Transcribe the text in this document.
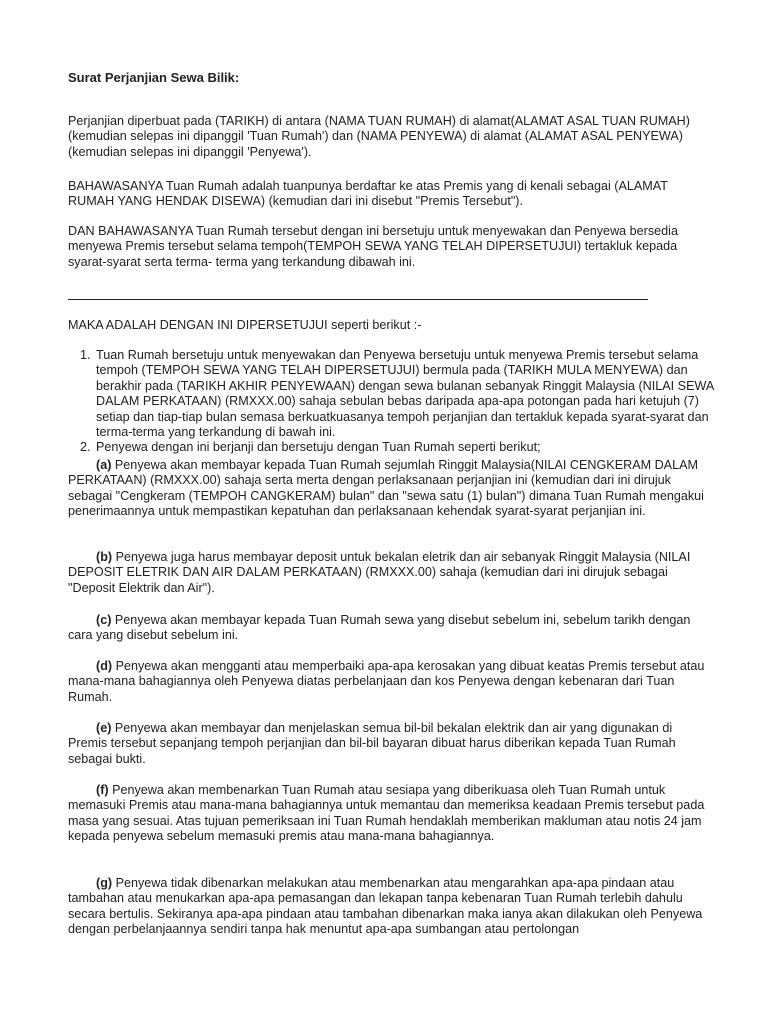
Surat Perjanjian Sewa Bilik:

Perjanjian diperbuat pada (TARIKH) di antara (NAMA TUAN RUMAH) di alamat(ALAMAT ASAL TUAN RUMAH) (kemudian selepas ini dipanggil 'Tuan Rumah') dan (NAMA PENYEWA) di alamat (ALAMAT ASAL PENYEWA) (kemudian selepas ini dipanggil 'Penyewa').

BAHAWASANYA Tuan Rumah adalah tuanpunya berdaftar ke atas Premis yang di kenali sebagai (ALAMAT RUMAH YANG HENDAK DISEWA) (kemudian dari ini disebut "Premis Tersebut").

DAN BAHAWASANYA Tuan Rumah tersebut dengan ini bersetuju untuk menyewakan dan Penyewa bersedia menyewa Premis tersebut selama tempoh(TEMPOH SEWA YANG TELAH DIPERSETUJUI) tertakluk kepada syarat-syarat serta terma- terma yang terkandung dibawah ini.

MAKA ADALAH DENGAN INI DIPERSETUJUI seperti berikut :-

1. Tuan Rumah bersetuju untuk menyewakan dan Penyewa bersetuju untuk menyewa Premis tersebut selama tempoh (TEMPOH SEWA YANG TELAH DIPERSETUJUI) bermula pada (TARIKH MULA MENYEWA) dan berakhir pada (TARIKH AKHIR PENYEWAAN) dengan sewa bulanan sebanyak Ringgit Malaysia (NILAI SEWA DALAM PERKATAAN) (RMXXX.00) sahaja sebulan bebas daripada apa-apa potongan pada hari ketujuh (7) setiap dan tiap-tiap bulan semasa berkuatkuasanya tempoh perjanjian dan tertakluk kepada syarat-syarat dan terma-terma yang terkandung di bawah ini.
2. Penyewa dengan ini berjanji dan bersetuju dengan Tuan Rumah seperti berikut;

(a) Penyewa akan membayar kepada Tuan Rumah sejumlah Ringgit Malaysia(NILAI CENGKERAM DALAM PERKATAAN) (RMXXX.00) sahaja serta merta dengan perlaksanaan perjanjian ini (kemudian dari ini dirujuk sebagai "Cengkeram (TEMPOH CANGKERAM) bulan" dan "sewa satu (1) bulan") dimana Tuan Rumah mengakui penerimaannya untuk mempastikan kepatuhan dan perlaksanaan kehendak syarat-syarat perjanjian ini.

(b) Penyewa juga harus membayar deposit untuk bekalan eletrik dan air sebanyak Ringgit Malaysia (NILAI DEPOSIT ELETRIK DAN AIR DALAM PERKATAAN) (RMXXX.00) sahaja (kemudian dari ini dirujuk sebagai "Deposit Elektrik dan Air").

(c) Penyewa akan membayar kepada Tuan Rumah sewa yang disebut sebelum ini, sebelum tarikh dengan cara yang disebut sebelum ini.

(d) Penyewa akan mengganti atau memperbaiki apa-apa kerosakan yang dibuat keatas Premis tersebut atau mana-mana bahagiannya oleh Penyewa diatas perbelanjaan dan kos Penyewa dengan kebenaran dari Tuan Rumah.

(e) Penyewa akan membayar dan menjelaskan semua bil-bil bekalan elektrik dan air yang digunakan di Premis tersebut sepanjang tempoh perjanjian dan bil-bil bayaran dibuat harus diberikan kepada Tuan Rumah sebagai bukti.

(f) Penyewa akan membenarkan Tuan Rumah atau sesiapa yang diberikuasa oleh Tuan Rumah untuk memasuki Premis atau mana-mana bahagiannya untuk memantau dan memeriksa keadaan Premis tersebut pada masa yang sesuai. Atas tujuan pemeriksaan ini Tuan Rumah hendaklah memberikan makluman atau notis 24 jam kepada penyewa sebelum memasuki premis atau mana-mana bahagiannya.

(g) Penyewa tidak dibenarkan melakukan atau membenarkan atau mengarahkan apa-apa pindaan atau tambahan atau menukarkan apa-apa pemasangan dan lekapan tanpa kebenaran Tuan Rumah terlebih dahulu secara bertulis. Sekiranya apa-apa pindaan atau tambahan dibenarkan maka ianya akan dilakukan oleh Penyewa dengan perbelanjaannya sendiri tanpa hak menuntut apa-apa sumbangan atau pertolongan
